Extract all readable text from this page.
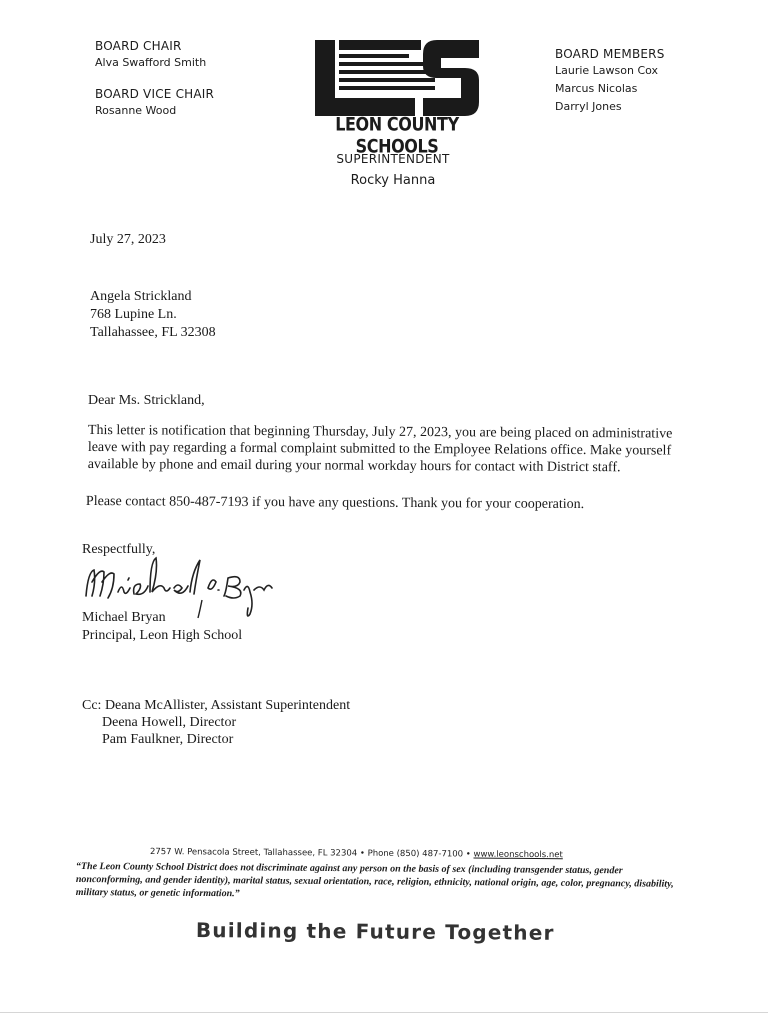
BOARD CHAIR
Alva Swafford Smith
BOARD VICE CHAIR
Rosanne Wood
LEON COUNTY SCHOOLS
BOARD MEMBERS
Laurie Lawson Cox
Marcus Nicolas
Darryl Jones
SUPERINTENDENT
Rocky Hanna
July 27, 2023
Angela Strickland
768 Lupine Ln.
Tallahassee, FL 32308
Dear Ms. Strickland,
This letter is notification that beginning Thursday, July 27, 2023, you are being placed on administrative leave with pay regarding a formal complaint submitted to the Employee Relations office. Make yourself available by phone and email during your normal workday hours for contact with District staff.
Please contact 850-487-7193 if you have any questions. Thank you for your cooperation.
Respectfully,
Michael Bryan
Principal, Leon High School
Cc: Deana McAllister, Assistant Superintendent
Deena Howell, Director
Pam Faulkner, Director
2757 W. Pensacola Street, Tallahassee, FL 32304 • Phone (850) 487-7100 • www.leonschools.net
“The Leon County School District does not discriminate against any person on the basis of sex (including transgender status, gender nonconforming, and gender identity), marital status, sexual orientation, race, religion, ethnicity, national origin, age, color, pregnancy, disability, military status, or genetic information.”
Building the Future Together
